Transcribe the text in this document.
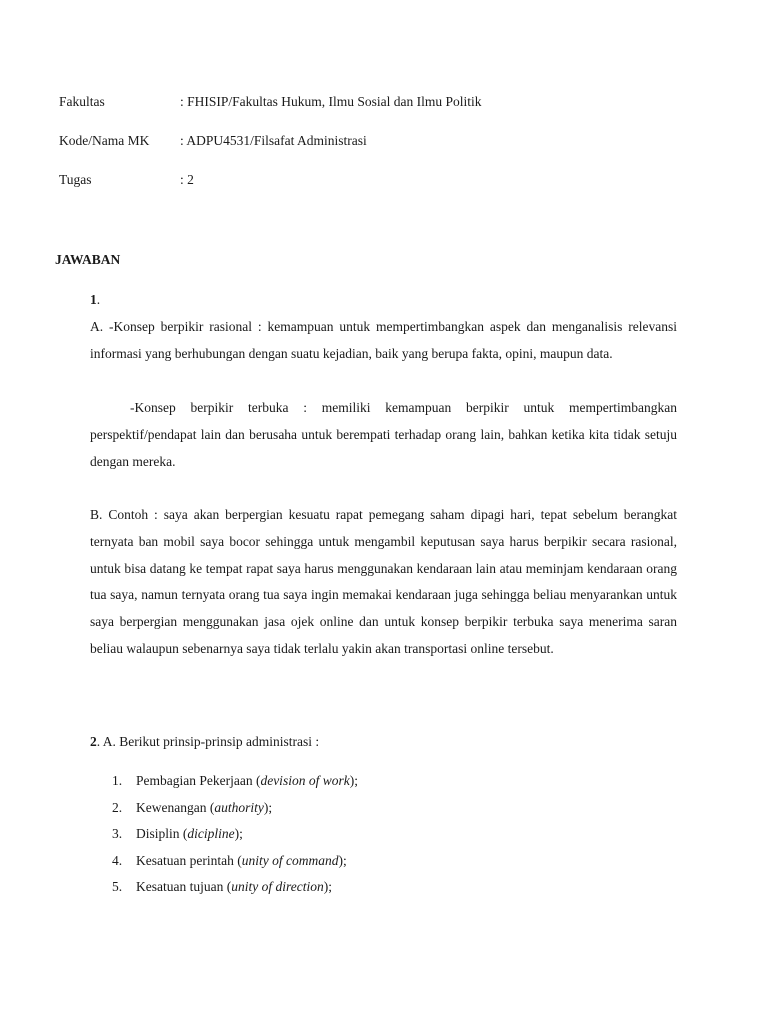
Fakultas	: FHISIP/Fakultas Hukum, Ilmu Sosial dan Ilmu Politik
Kode/Nama MK	: ADPU4531/Filsafat Administrasi
Tugas	: 2
JAWABAN
1.

A. -Konsep berpikir rasional : kemampuan untuk mempertimbangkan aspek dan menganalisis relevansi informasi yang berhubungan dengan suatu kejadian, baik yang berupa fakta, opini, maupun data.

-Konsep berpikir terbuka : memiliki kemampuan berpikir untuk mempertimbangkan perspektif/pendapat lain dan berusaha untuk berempati terhadap orang lain, bahkan ketika kita tidak setuju dengan mereka.

B. Contoh : saya akan berpergian kesuatu rapat pemegang saham dipagi hari, tepat sebelum berangkat ternyata ban mobil saya bocor sehingga untuk mengambil keputusan saya harus berpikir secara rasional, untuk bisa datang ke tempat rapat saya harus menggunakan kendaraan lain atau meminjam kendaraan orang tua saya, namun ternyata orang tua saya ingin memakai kendaraan juga sehingga beliau menyarankan untuk saya berpergian menggunakan jasa ojek online dan untuk konsep berpikir terbuka saya menerima saran beliau walaupun sebenarnya saya tidak terlalu yakin akan transportasi online tersebut.

2. A. Berikut prinsip-prinsip administrasi :
1.	Pembagian Pekerjaan (devision of work);
2.	Kewenangan (authority);
3.	Disiplin (dicipline);
4.	Kesatuan perintah (unity of command);
5.	Kesatuan tujuan (unity of direction);
